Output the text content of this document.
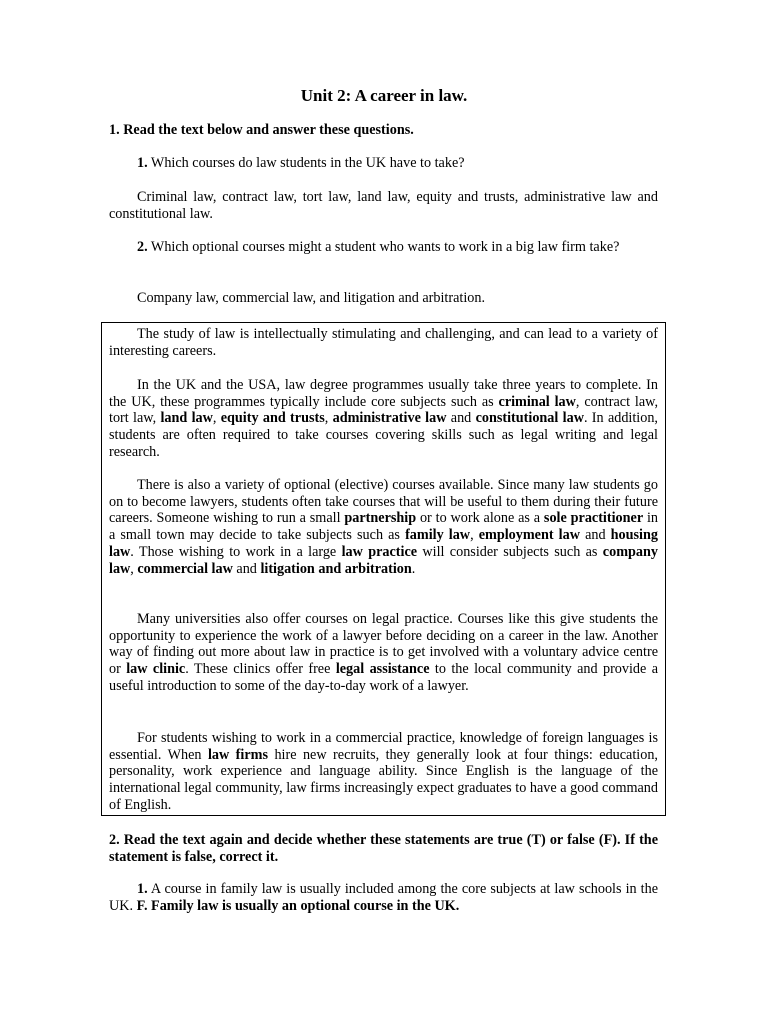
Unit 2: A career in law.
1. Read the text below and answer these questions.

1. Which courses do law students in the UK have to take?

Criminal law, contract law, tort law, land law, equity and trusts, administrative law and constitutional law.

2. Which optional courses might a student who wants to work in a big law firm take?

Company law, commercial law, and litigation and arbitration.

The study of law is intellectually stimulating and challenging, and can lead to a variety of interesting careers.

In the UK and the USA, law degree programmes usually take three years to complete. In the UK, these programmes typically include core subjects such as criminal law, contract law, tort law, land law, equity and trusts, administrative law and constitutional law. In addition, students are often required to take courses covering skills such as legal writing and legal research.

There is also a variety of optional (elective) courses available. Since many law students go on to become lawyers, students often take courses that will be useful to them during their future careers. Someone wishing to run a small partnership or to work alone as a sole practitioner in a small town may decide to take subjects such as family law, employment law and housing law. Those wishing to work in a large law practice will consider subjects such as company law, commercial law and litigation and arbitration.

Many universities also offer courses on legal practice. Courses like this give students the opportunity to experience the work of a lawyer before deciding on a career in the law. Another way of finding out more about law in practice is to get involved with a voluntary advice centre or law clinic. These clinics offer free legal assistance to the local community and provide a useful introduction to some of the day-to-day work of a lawyer.

For students wishing to work in a commercial practice, knowledge of foreign languages is essential. When law firms hire new recruits, they generally look at four things: education, personality, work experience and language ability. Since English is the language of the international legal community, law firms increasingly expect graduates to have a good command of English.

2. Read the text again and decide whether these statements are true (T) or false (F). If the statement is false, correct it.

1. A course in family law is usually included among the core subjects at law schools in the UK. F. Family law is usually an optional course in the UK.
